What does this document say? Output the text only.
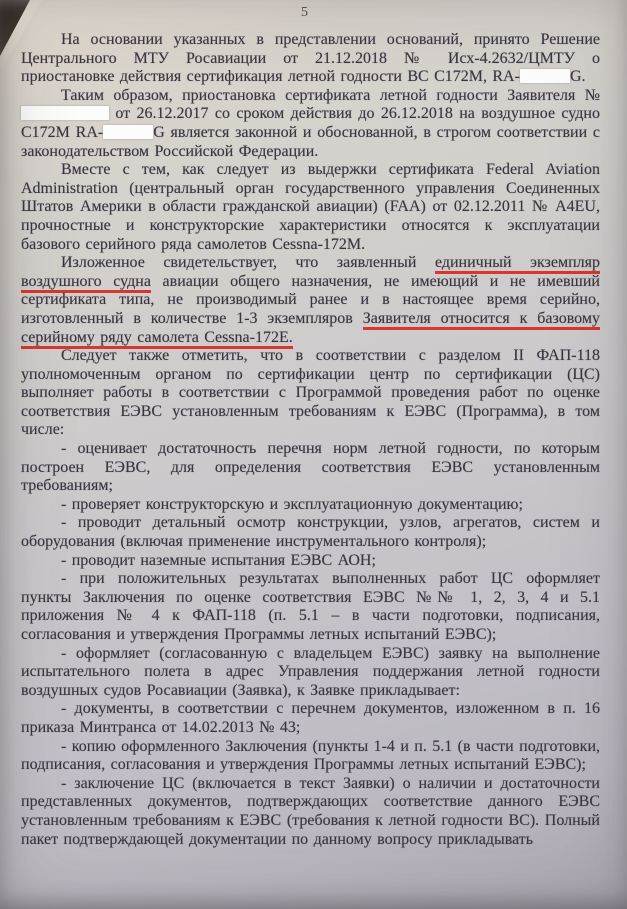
5

На основании указанных в представлении оснований, принято Решение Центрального МТУ Росавиации от 21.12.2018 № Исх-4.2632/ЦМТУ о приостановке действия сертификация летной годности ВС С172М, RA-	G.

Таким образом, приостановка сертификата летной годности Заявителя №  от 26.12.2017 со сроком действия до 26.12.2018 на воздушное судно С172М RA-	G является законной и обоснованной, в строгом соответствии с законодательством Российской Федерации.

Вместе с тем, как следует из выдержки сертификата Federal Aviation Administration (центральный орган государственного управления Соединенных Штатов Америки в области гражданской авиации) (FAA) от 02.12.2011 № A4EU, прочностные и конструкторские характеристики относятся к эксплуатации базового серийного ряда самолетов Cessna-172M.

Изложенное свидетельствует, что заявленный единичный экземпляр воздушного судна авиации общего назначения, не имеющий и не имевший сертификата типа, не производимый ранее и в настоящее время серийно, изготовленный в количестве 1-3 экземпляров Заявителя относится к базовому серийному ряду самолета Cessna-172E.

Следует также отметить, что в соответствии с разделом II ФАП-118 уполномоченным органом по сертификации центр по сертификации (ЦС) выполняет работы в соответствии с Программой проведения работ по оценке соответствия ЕЭВС установленным требованиям к ЕЭВС (Программа), в том числе:

- оценивает достаточность перечня норм летной годности, по которым построен ЕЭВС, для определения соответствия ЕЭВС установленным требованиям;

- проверяет конструкторскую и эксплуатационную документацию;

- проводит детальный осмотр конструкции, узлов, агрегатов, систем и оборудования (включая применение инструментального контроля);

- проводит наземные испытания ЕЭВС АОН;

- при положительных результатах выполненных работ ЦС оформляет пункты Заключения по оценке соответствия ЕЭВС №№ 1, 2, 3, 4 и 5.1 приложения № 4 к ФАП-118 (п. 5.1 – в части подготовки, подписания, согласования и утверждения Программы летных испытаний ЕЭВС);

- оформляет (согласованную с владельцем ЕЭВС) заявку на выполнение испытательного полета в адрес Управления поддержания летной годности воздушных судов Росавиации (Заявка), к Заявке прикладывает:

- документы, в соответствии с перечнем документов, изложенном в п. 16 приказа Минтранса от 14.02.2013 № 43;

- копию оформленного Заключения (пункты 1-4 и п. 5.1 (в части подготовки, подписания, согласования и утверждения Программы летных испытаний ЕЭВС);

- заключение ЦС (включается в текст Заявки) о наличии и достаточности представленных документов, подтверждающих соответствие данного ЕЭВС установленным требованиям к ЕЭВС (требования к летной годности ВС). Полный пакет подтверждающей документации по данному вопросу прикладывать
